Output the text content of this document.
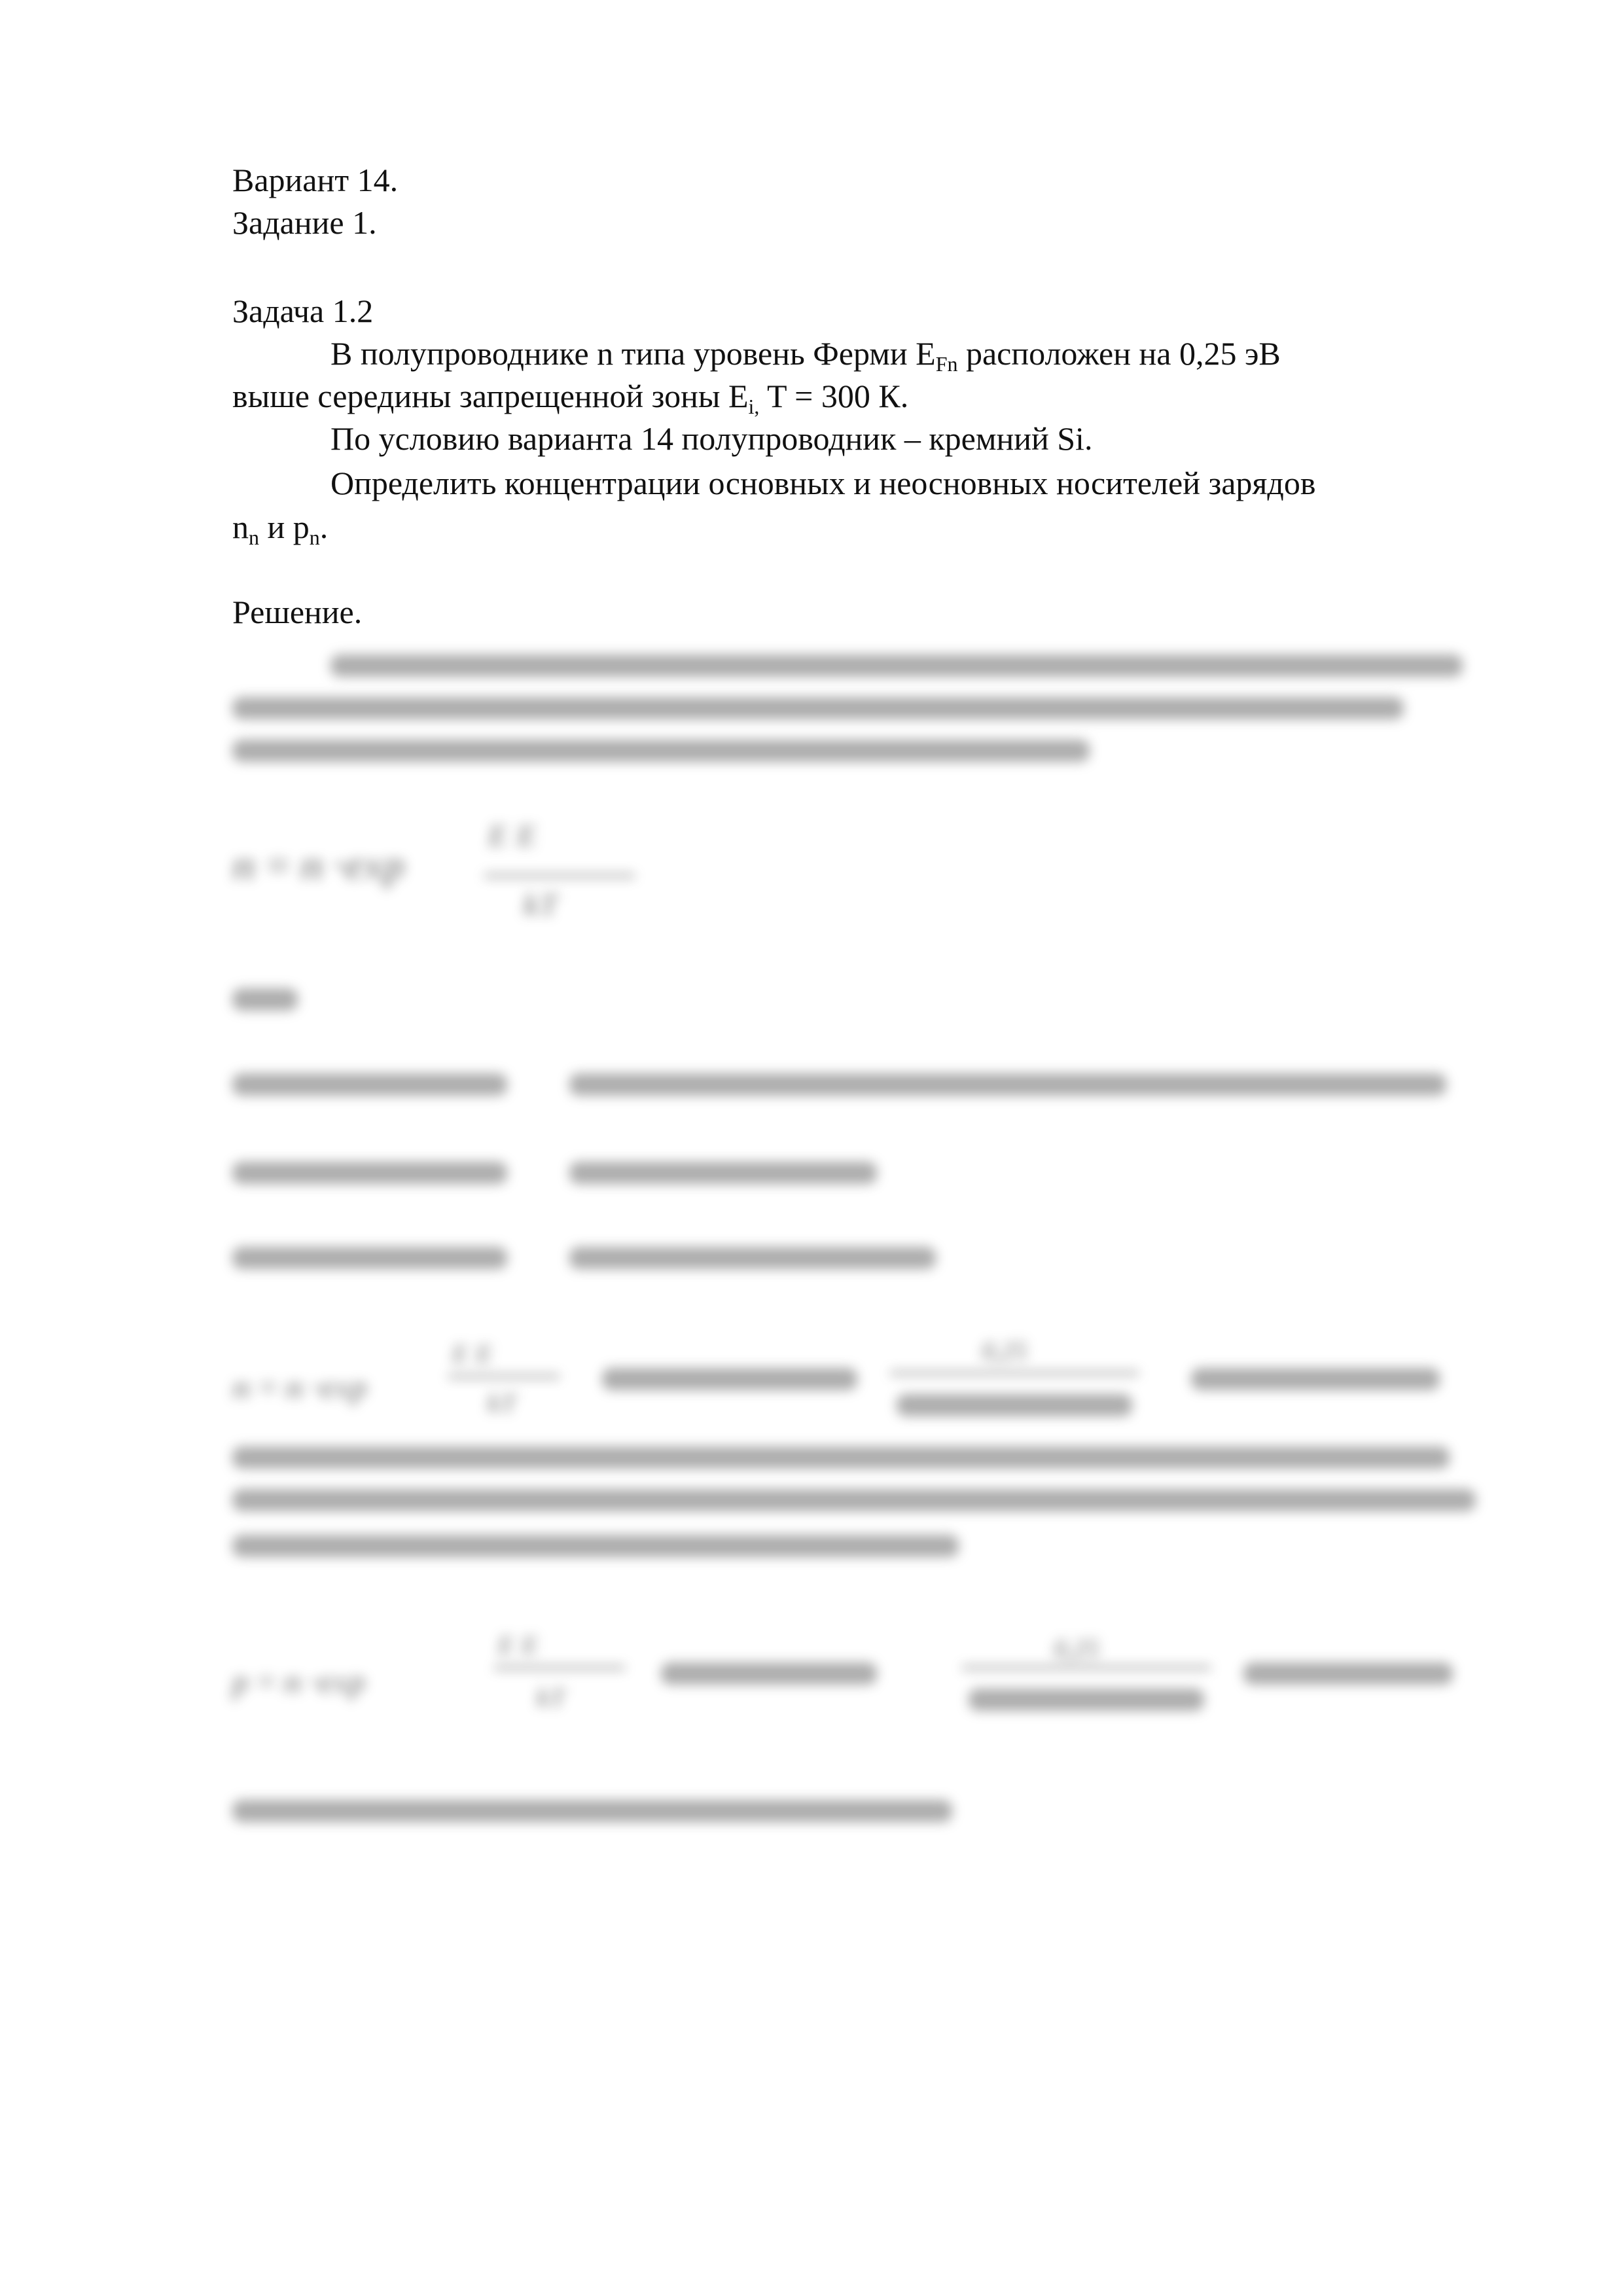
Вариант 14.
Задание 1.
Задача 1.2
В полупроводнике n типа уровень Ферми $E_{Fn}$ расположен на 0,25 эВ
выше середины запрещенной зоны $E_{i,}$ T = 300 К.
По условию варианта 14 полупроводник – кремний Si.
Определить концентрации основных и неосновных носителей зарядов
$n_n$ и $p_n$.
Решение.
n = n ·exp
E E
kT
n = n ·exp
E E
kT
0,25
p = n ·exp
E E
kT
0,25
